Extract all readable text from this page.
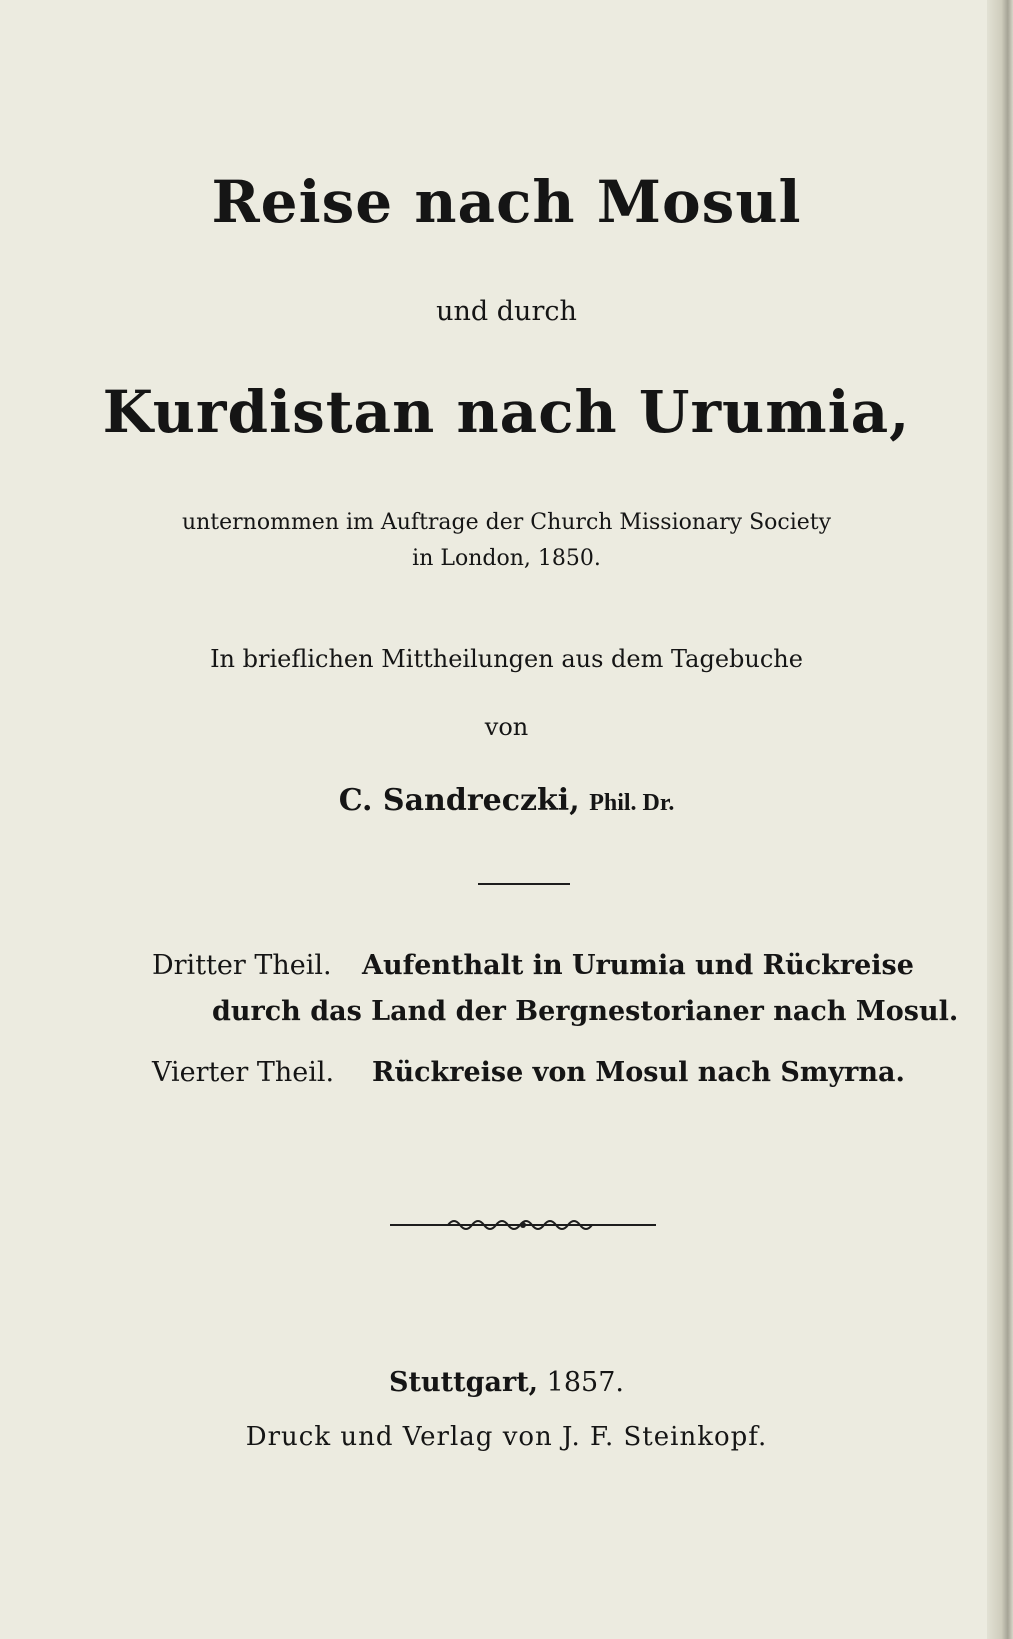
Reise nach Mosul

und durch

Kurdistan nach Urumia,

unternommen im Auftrage der Church Missionary Society

in London, 1850.

In brieflichen Mittheilungen aus dem Tagebuche

von

C. Sandreczki, Phil. Dr.

Dritter Theil. Aufenthalt in Urumia und Rückreise

durch das Land der Bergnestorianer nach Mosul.

Vierter Theil. Rückreise von Mosul nach Smyrna.

Stuttgart, 1857.

Druck und Verlag von J. F. Steinkopf.
